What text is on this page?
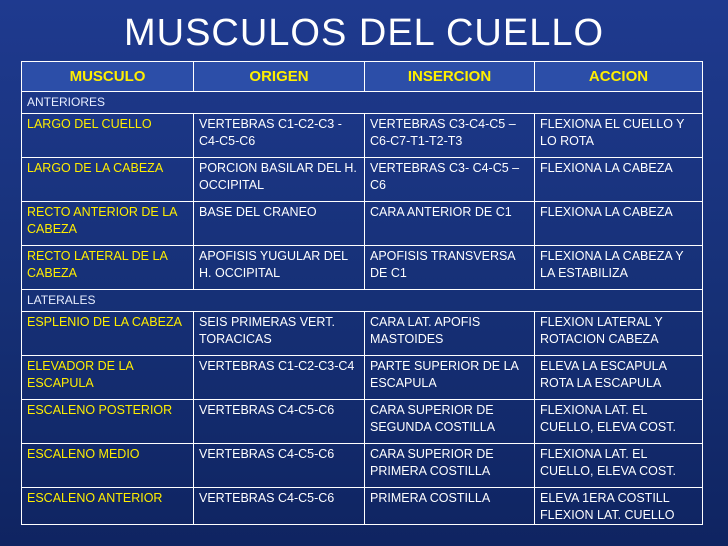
MUSCULOS DEL CUELLO
MUSCULO	ORIGEN	INSERCION	ACCION
ANTERIORES			
LARGO DEL CUELLO	VERTEBRAS C1-C2-C3 - C4-C5-C6	VERTEBRAS C3-C4-C5 –C6-C7-T1-T2-T3	FLEXIONA EL CUELLO Y LO ROTA
LARGO DE LA CABEZA	PORCION BASILAR DEL H. OCCIPITAL	VERTEBRAS C3- C4-C5 –C6	FLEXIONA LA CABEZA
RECTO ANTERIOR DE LA CABEZA	BASE DEL CRANEO	CARA ANTERIOR DE C1	FLEXIONA LA CABEZA
RECTO LATERAL DE LA CABEZA	APOFISIS YUGULAR DEL H. OCCIPITAL	APOFISIS TRANSVERSA DE C1	FLEXIONA LA CABEZA Y LA ESTABILIZA
LATERALES			
ESPLENIO DE LA CABEZA	SEIS PRIMERAS VERT. TORACICAS	CARA LAT. APOFIS MASTOIDES	FLEXION LATERAL Y ROTACION CABEZA
ELEVADOR DE LA ESCAPULA	VERTEBRAS C1-C2-C3-C4	PARTE SUPERIOR DE LA ESCAPULA	ELEVA LA ESCAPULA ROTA LA ESCAPULA
ESCALENO POSTERIOR	VERTEBRAS C4-C5-C6	CARA SUPERIOR DE SEGUNDA COSTILLA	FLEXIONA LAT. EL CUELLO, ELEVA COST.
ESCALENO MEDIO	VERTEBRAS C4-C5-C6	CARA SUPERIOR DE PRIMERA COSTILLA	FLEXIONA LAT. EL CUELLO, ELEVA COST.
ESCALENO ANTERIOR	VERTEBRAS C4-C5-C6	PRIMERA COSTILLA	ELEVA 1ERA COSTILL FLEXION LAT. CUELLO
